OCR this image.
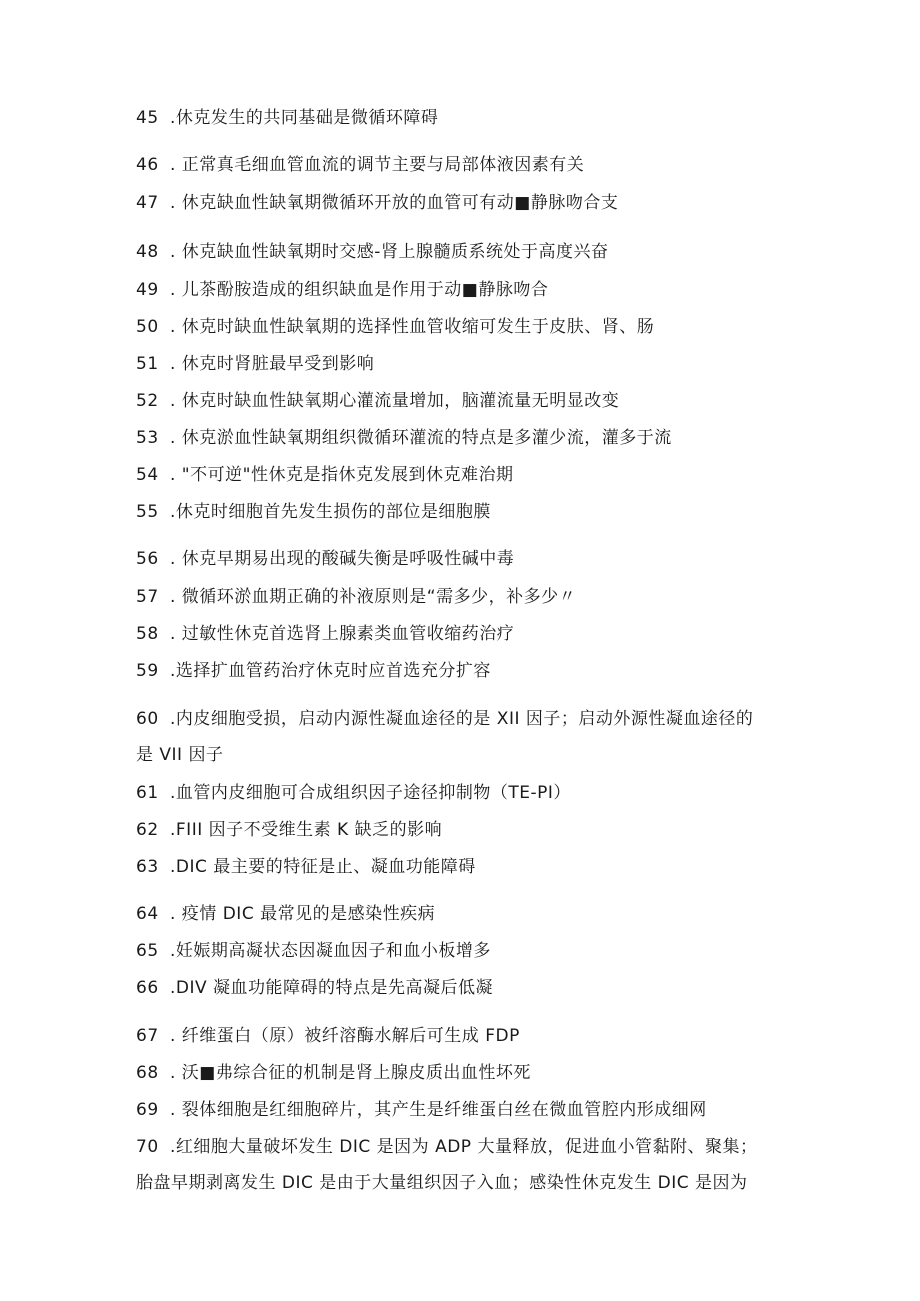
45 .休克发生的共同基础是微循环障碍
46 . 正常真毛细血管血流的调节主要与局部体液因素有关
47 . 休克缺血性缺氧期微循环开放的血管可有动■静脉吻合支
48 . 休克缺血性缺氧期时交感-肾上腺髓质系统处于高度兴奋
49 . 儿茶酚胺造成的组织缺血是作用于动■静脉吻合
50 . 休克时缺血性缺氧期的选择性血管收缩可发生于皮肤、肾、肠
51 . 休克时肾脏最早受到影响
52 . 休克时缺血性缺氧期心灌流量增加，脑灌流量无明显改变
53 . 休克淤血性缺氧期组织微循环灌流的特点是多灌少流，灌多于流
54 . "不可逆"性休克是指休克发展到休克难治期
55 .休克时细胞首先发生损伤的部位是细胞膜
56 . 休克早期易出现的酸碱失衡是呼吸性碱中毒
57 . 微循环淤血期正确的补液原则是“需多少，补多少〃
58 . 过敏性休克首选肾上腺素类血管收缩药治疗
59 .选择扩血管药治疗休克时应首选充分扩容
60 .内皮细胞受损，启动内源性凝血途径的是 XII 因子；启动外源性凝血途径的
是 VII 因子
61 .血管内皮细胞可合成组织因子途径抑制物（TE-PI）
62 .FIII 因子不受维生素 K 缺乏的影响
63 .DIC 最主要的特征是止、凝血功能障碍
64 . 疫情 DIC 最常见的是感染性疾病
65 .妊娠期高凝状态因凝血因子和血小板增多
66 .DIV 凝血功能障碍的特点是先高凝后低凝
67 . 纤维蛋白（原）被纤溶酶水解后可生成 FDP
68 . 沃■弗综合征的机制是肾上腺皮质出血性坏死
69 . 裂体细胞是红细胞碎片，其产生是纤维蛋白丝在微血管腔内形成细网
70 .红细胞大量破坏发生 DIC 是因为 ADP 大量释放，促进血小管黏附、聚集；
胎盘早期剥离发生 DIC 是由于大量组织因子入血；感染性休克发生 DIC 是因为
